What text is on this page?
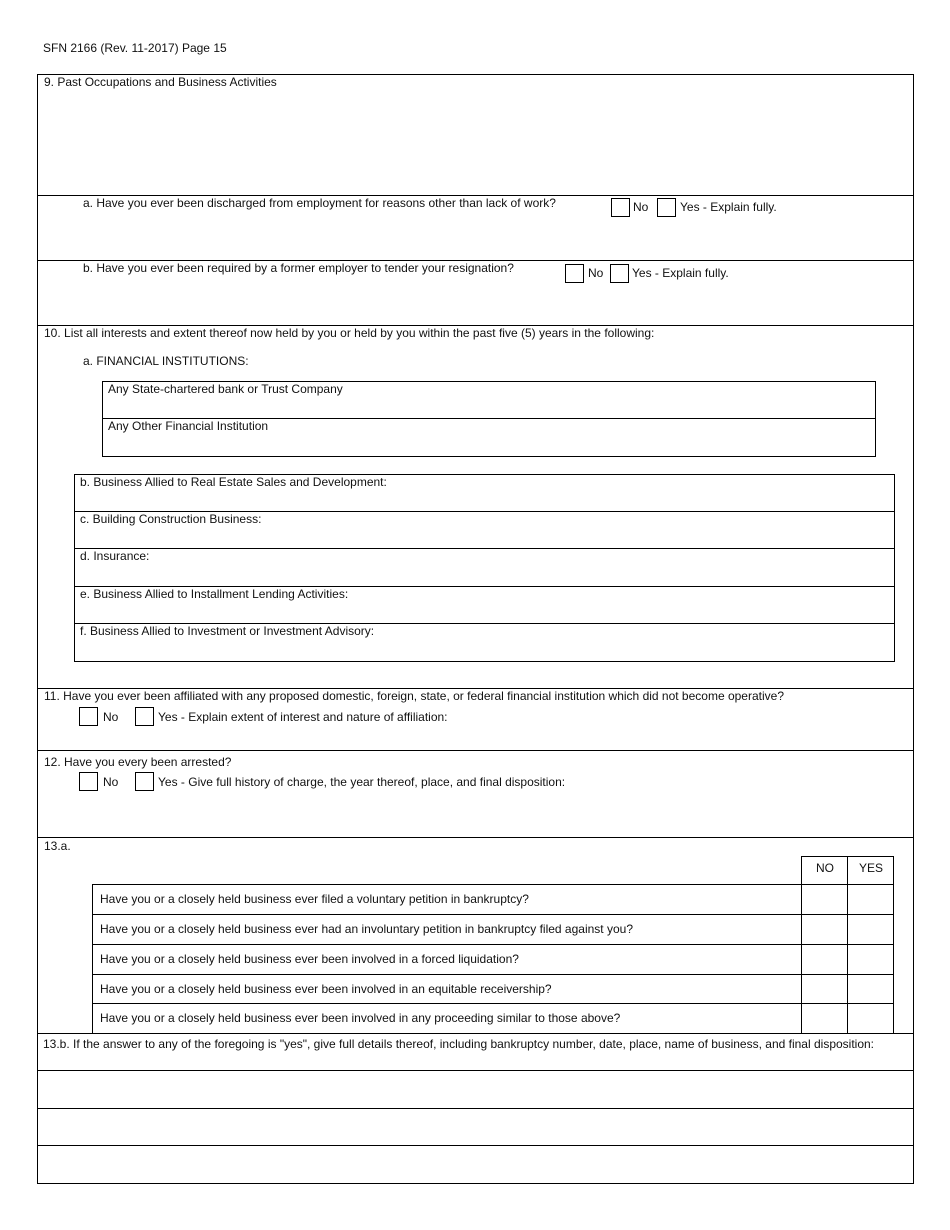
SFN 2166 (Rev. 11-2017) Page 15
9. Past Occupations and Business Activities
a. Have you ever been discharged from employment for reasons other than lack of work?	No	Yes - Explain fully.
b. Have you ever been required by a former employer to tender your resignation?	No Yes - Explain fully.
10. List all interests and extent thereof now held by you or held by you within the past five (5) years in the following:
a. FINANCIAL INSTITUTIONS:
Any State-chartered bank or Trust Company
Any Other Financial Institution
b. Business Allied to Real Estate Sales and Development:
c. Building Construction Business:
d. Insurance:
e. Business Allied to Installment Lending Activities:
f. Business Allied to Investment or Investment Advisory:
11. Have you ever been affiliated with any proposed domestic, foreign, state, or federal financial institution which did not become operative?
No	Yes - Explain extent of interest and nature of affiliation:
12. Have you every been arrested?
No	Yes - Give full history of charge, the year thereof, place, and final disposition:
13.a.
NO YES
Have you or a closely held business ever filed a voluntary petition in bankruptcy?
Have you or a closely held business ever had an involuntary petition in bankruptcy filed against you?
Have you or a closely held business ever been involved in a forced liquidation?
Have you or a closely held business ever been involved in an equitable receivership?
Have you or a closely held business ever been involved in any proceeding similar to those above?
13.b. If the answer to any of the foregoing is "yes", give full details thereof, including bankruptcy number, date, place, name of business, and final disposition:
